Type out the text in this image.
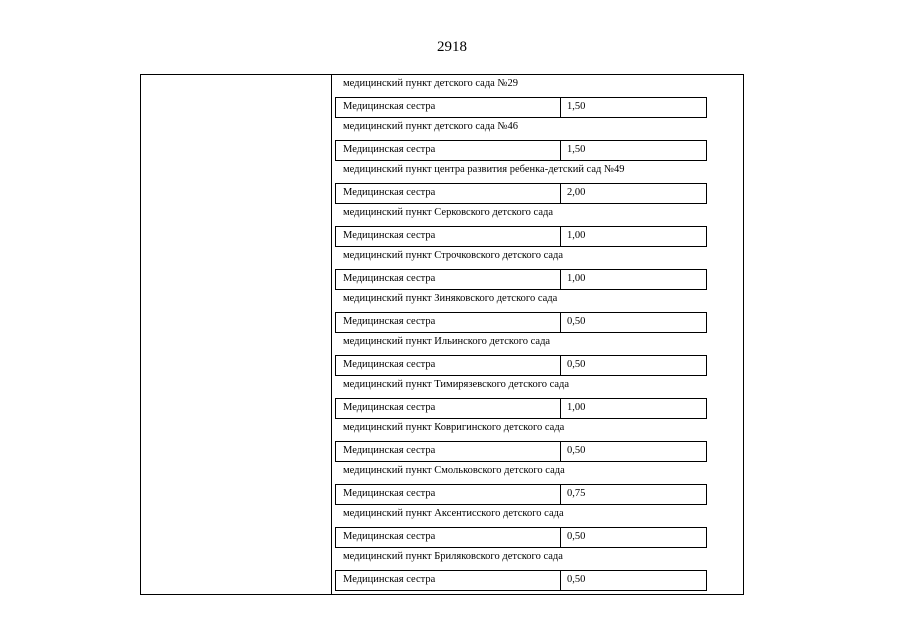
2918
медицинский пункт детского сада №29
Медицинская сестра	1,50
медицинский пункт детского сада №46
Медицинская сестра	1,50
медицинский пункт центра развития ребенка-детский сад №49
Медицинская сестра	2,00
медицинский пункт Серковского детского сада
Медицинская сестра	1,00
медицинский пункт Строчковского детского сада
Медицинская сестра	1,00
медицинский пункт Зиняковского детского сада
Медицинская сестра	0,50
медицинский пункт Ильинского детского сада
Медицинская сестра	0,50
медицинский пункт Тимирязевского детского сада
Медицинская сестра	1,00
медицинский пункт Ковригинского детского сада
Медицинская сестра	0,50
медицинский пункт Смольковского детского сада
Медицинская сестра	0,75
медицинский пункт Аксентисского детского сада
Медицинская сестра	0,50
медицинский пункт Бриляковского детского сада
Медицинская сестра	0,50
